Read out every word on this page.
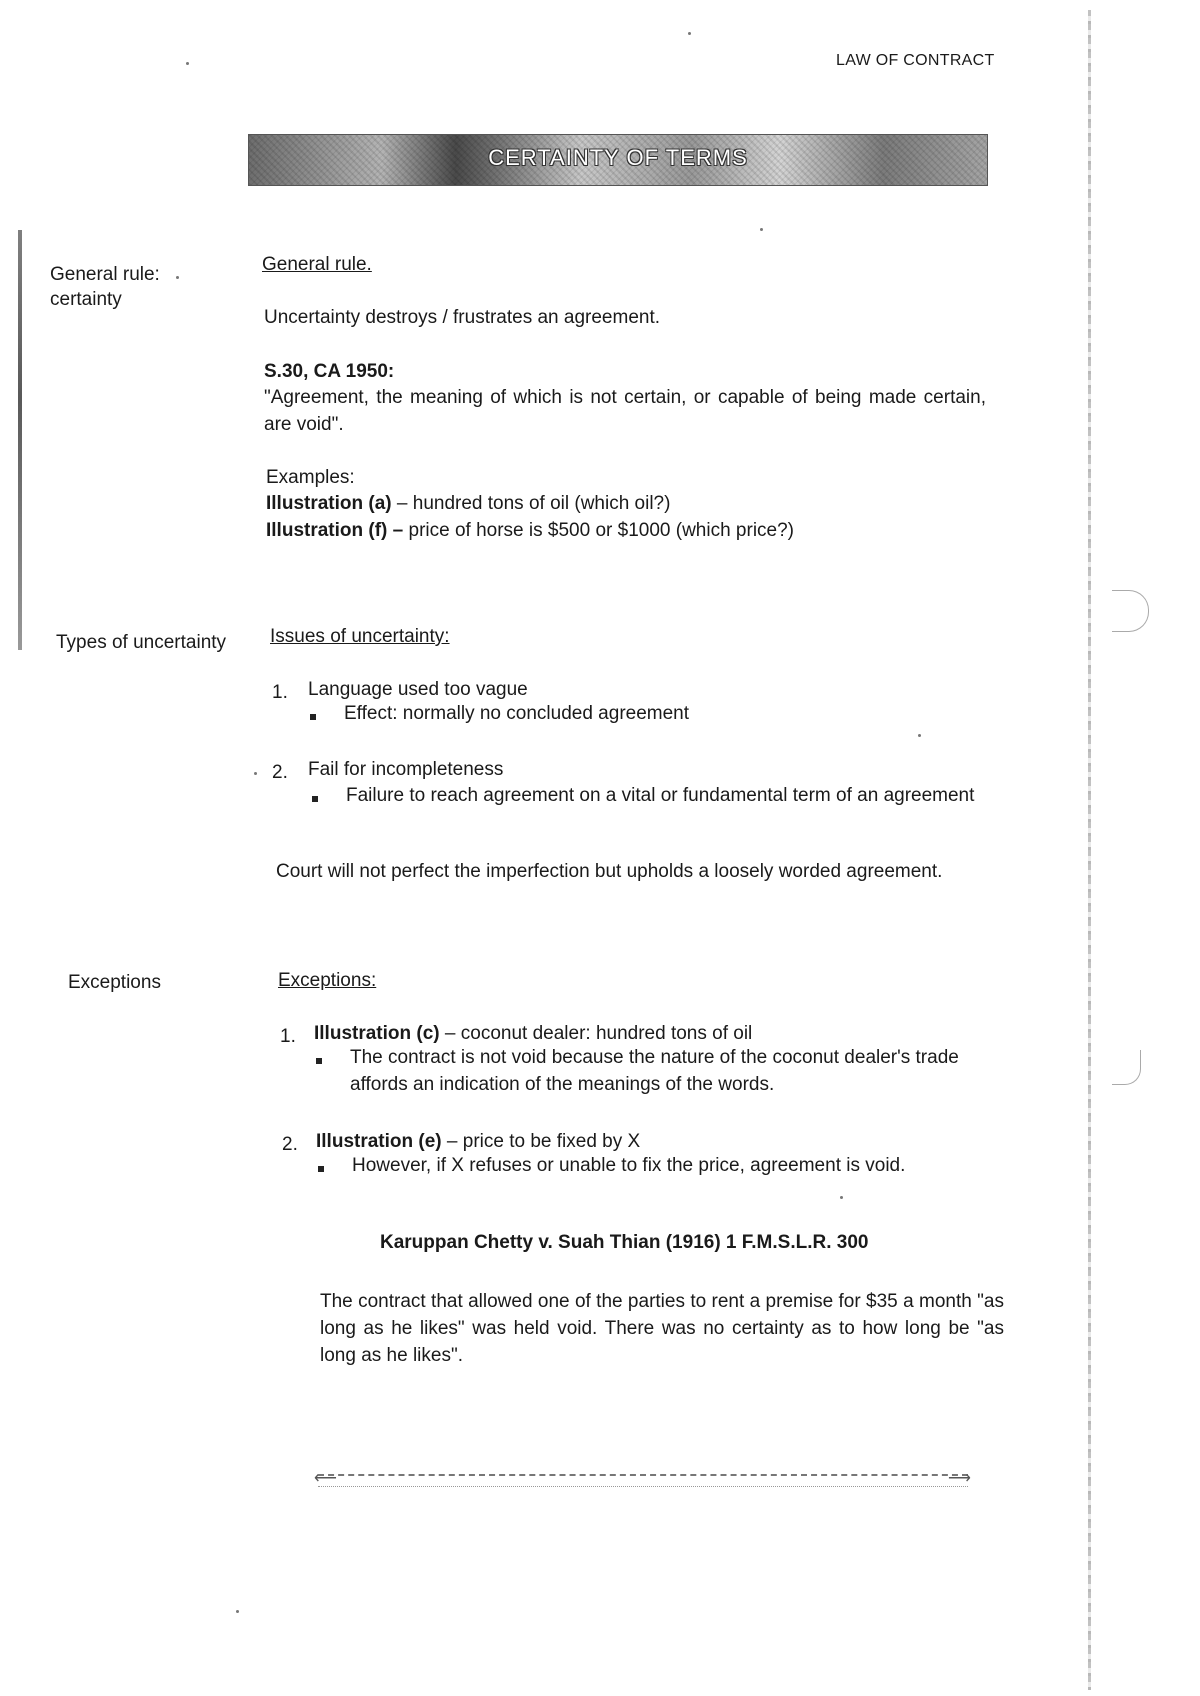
LAW OF CONTRACT
CERTAINTY OF TERMS
General rule:
certainty
Types of uncertainty
Exceptions
General rule.
Uncertainty destroys / frustrates an agreement.
S.30, CA 1950:
"Agreement, the meaning of which is not certain, or capable of being made certain, are void".
Examples:
Illustration (a) – hundred tons of oil (which oil?)
Illustration (f) – price of horse is $500 or $1000 (which price?)
Issues of uncertainty:
1. Language used too vague
Effect: normally no concluded agreement
2. Fail for incompleteness
Failure to reach agreement on a vital or fundamental term of an agreement
Court will not perfect the imperfection but upholds a loosely worded agreement.
Exceptions:
1. Illustration (c) – coconut dealer: hundred tons of oil
The contract is not void because the nature of the coconut dealer's trade affords an indication of the meanings of the words.
2. Illustration (e) – price to be fixed by X
However, if X refuses or unable to fix the price, agreement is void.
Karuppan Chetty v. Suah Thian (1916) 1 F.M.S.L.R. 300
The contract that allowed one of the parties to rent a premise for $35 a month "as long as he likes" was held void. There was no certainty as to how long be "as long as he likes".
⟵	⟶
